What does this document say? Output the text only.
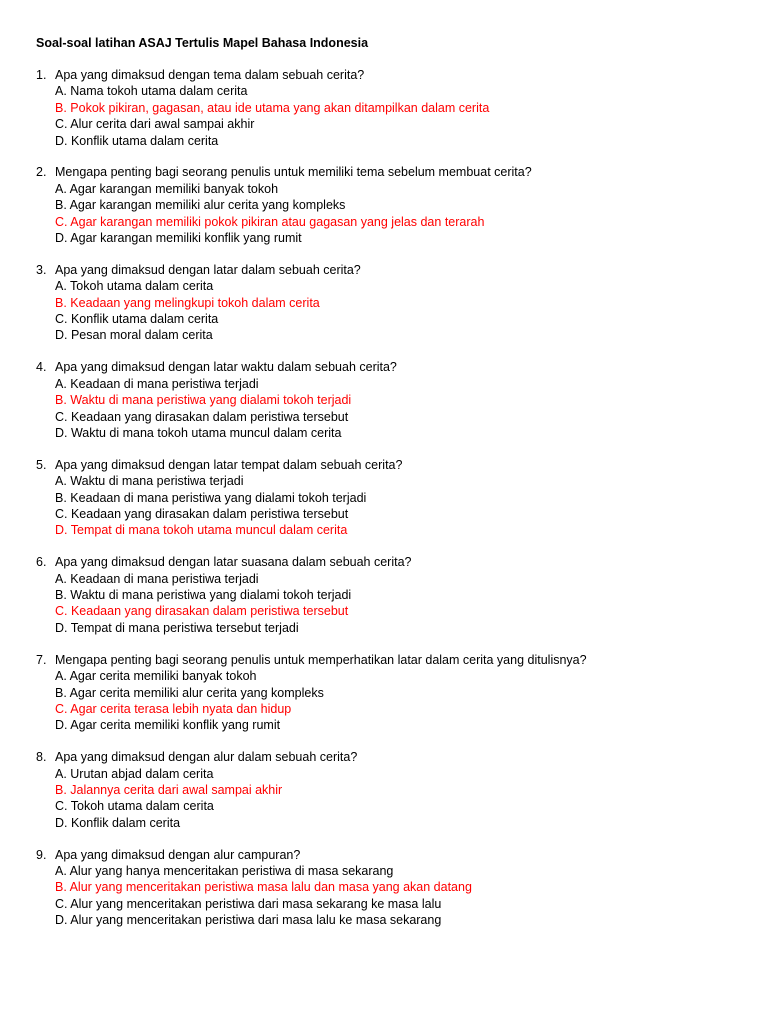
Soal-soal latihan ASAJ Tertulis Mapel Bahasa Indonesia
1. Apa yang dimaksud dengan tema dalam sebuah cerita?
A. Nama tokoh utama dalam cerita
B. Pokok pikiran, gagasan, atau ide utama yang akan ditampilkan dalam cerita
C. Alur cerita dari awal sampai akhir
D. Konflik utama dalam cerita
2. Mengapa penting bagi seorang penulis untuk memiliki tema sebelum membuat cerita?
A. Agar karangan memiliki banyak tokoh
B. Agar karangan memiliki alur cerita yang kompleks
C. Agar karangan memiliki pokok pikiran atau gagasan yang jelas dan terarah
D. Agar karangan memiliki konflik yang rumit
3. Apa yang dimaksud dengan latar dalam sebuah cerita?
A. Tokoh utama dalam cerita
B. Keadaan yang melingkupi tokoh dalam cerita
C. Konflik utama dalam cerita
D. Pesan moral dalam cerita
4. Apa yang dimaksud dengan latar waktu dalam sebuah cerita?
A. Keadaan di mana peristiwa terjadi
B. Waktu di mana peristiwa yang dialami tokoh terjadi
C. Keadaan yang dirasakan dalam peristiwa tersebut
D. Waktu di mana tokoh utama muncul dalam cerita
5. Apa yang dimaksud dengan latar tempat dalam sebuah cerita?
A. Waktu di mana peristiwa terjadi
B. Keadaan di mana peristiwa yang dialami tokoh terjadi
C. Keadaan yang dirasakan dalam peristiwa tersebut
D. Tempat di mana tokoh utama muncul dalam cerita
6. Apa yang dimaksud dengan latar suasana dalam sebuah cerita?
A. Keadaan di mana peristiwa terjadi
B. Waktu di mana peristiwa yang dialami tokoh terjadi
C. Keadaan yang dirasakan dalam peristiwa tersebut
D. Tempat di mana peristiwa tersebut terjadi
7. Mengapa penting bagi seorang penulis untuk memperhatikan latar dalam cerita yang ditulisnya?
A. Agar cerita memiliki banyak tokoh
B. Agar cerita memiliki alur cerita yang kompleks
C. Agar cerita terasa lebih nyata dan hidup
D. Agar cerita memiliki konflik yang rumit
8. Apa yang dimaksud dengan alur dalam sebuah cerita?
A. Urutan abjad dalam cerita
B. Jalannya cerita dari awal sampai akhir
C. Tokoh utama dalam cerita
D. Konflik dalam cerita
9. Apa yang dimaksud dengan alur campuran?
A. Alur yang hanya menceritakan peristiwa di masa sekarang
B. Alur yang menceritakan peristiwa masa lalu dan masa yang akan datang
C. Alur yang menceritakan peristiwa dari masa sekarang ke masa lalu
D. Alur yang menceritakan peristiwa dari masa lalu ke masa sekarang
